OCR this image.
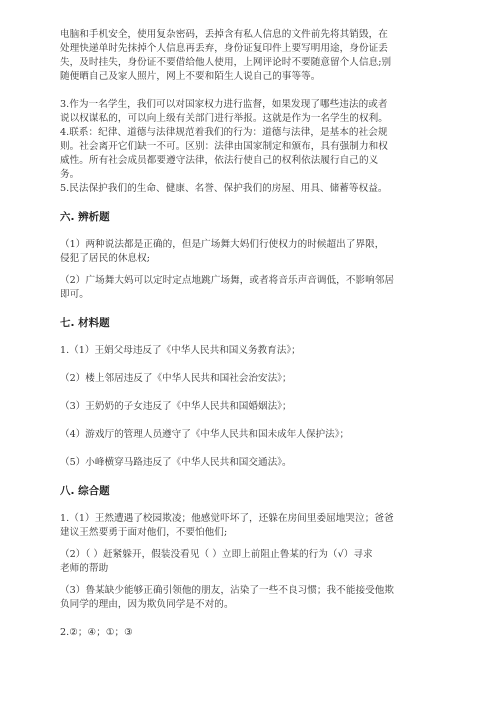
电脑和手机安全，使用复杂密码，丢掉含有私人信息的文件前先将其销毁，在
处理快递单时先抹掉个人信息再丢弃，身份证复印件上要写明用途，身份证丢
失，及时挂失，身份证不要借给他人使用，上网评论时不要随意留个人信息;别
随便晒自己及家人照片，网上不要和陌生人说自己的事等等。
3.作为一名学生，我们可以对国家权力进行监督，如果发现了哪些违法的或者
说以权谋私的，可以向上级有关部门进行举报。这就是作为一名学生的权利。
4.联系：纪律、道德与法律规范着我们的行为：道德与法律，是基本的社会规
则。社会离开它们缺一不可。区别：法律由国家制定和颁布，具有强制力和权
威性。所有社会成员都要遵守法律，依法行使自己的权利依法履行自己的义
务。
5.民法保护我们的生命、健康、名誉、保护我们的房屋、用具、储蓄等权益。
六. 辨析题
（1）两种说法都是正确的，但是广场舞大妈们行使权力的时候超出了界限，
侵犯了居民的休息权;
（2）广场舞大妈可以定时定点地跳广场舞，或者将音乐声音调低，不影响邻居
即可。
七. 材料题
1.（1）王娟父母违反了《中华人民共和国义务教育法》；
（2）楼上邻居违反了《中华人民共和国社会治安法》；
（3）王奶奶的子女违反了《中华人民共和国婚姻法》；
（4）游戏厅的管理人员遵守了《中华人民共和国未成年人保护法》；
（5）小峰横穿马路违反了《中华人民共和国交通法》。
八. 综合题
1.（1）王然遭遇了校园欺凌；他感觉吓坏了，还躲在房间里委屈地哭泣；爸爸
建议王然要勇于面对他们，不要怕他们;
（2）（ ）赶紧躲开，假装没看见（ ）立即上前阻止鲁某的行为（√）寻求
老师的帮助
（3）鲁某缺少能够正确引领他的朋友，沾染了一些不良习惯；我不能接受他欺
负同学的理由，因为欺负同学是不对的。
2.②；④；①；③
